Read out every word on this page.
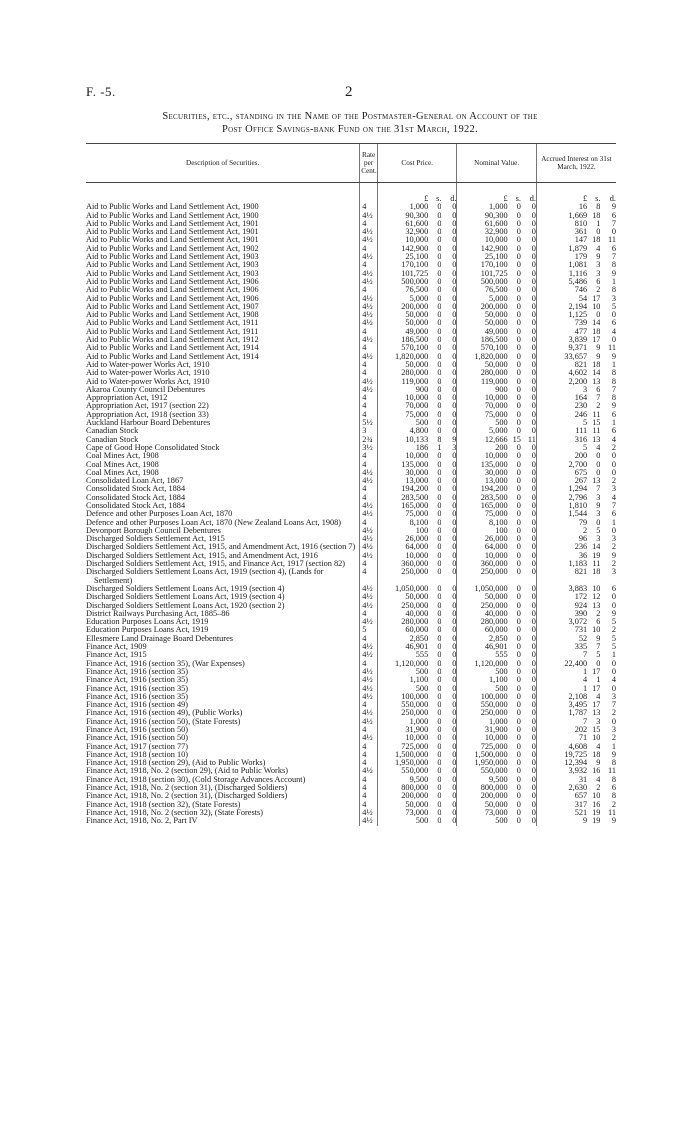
F. -5.	2
Securities, etc., standing in the Name of the Postmaster-General on Account of the
Post Office Savings-bank Fund on the 31st March, 1922.
Description of Securities.	Rate per Cent.	Cost Price.			Nominal Value.			Accrued Interest on 31st March, 1922.		
		£	s.	d.	£	s.	d.	£	s.	d.
Aid to Public Works and Land Settlement Act, 1900	4	1,000	0	0	1,000	0	0	16	8	9
Aid to Public Works and Land Settlement Act, 1900	4½	90,300	0	0	90,300	0	0	1,669	18	6
Aid to Public Works and Land Settlement Act, 1901	4	61,600	0	0	61,600	0	0	810	1	7
Aid to Public Works and Land Settlement Act, 1901	4½	32,900	0	0	32,900	0	0	361	0	0
Aid to Public Works and Land Settlement Act, 1901	4½	10,000	0	0	10,000	0	0	147	18	11
Aid to Public Works and Land Settlement Act, 1902	4	142,900	0	0	142,900	0	0	1,879	4	6
Aid to Public Works and Land Settlement Act, 1903	4½	25,100	0	0	25,100	0	0	179	9	7
Aid to Public Works and Land Settlement Act, 1903	4	170,100	0	0	170,100	0	0	1,081	3	8
Aid to Public Works and Land Settlement Act, 1903	4½	101,725	0	0	101,725	0	0	1,116	3	9
Aid to Public Works and Land Settlement Act, 1906	4½	500,000	0	0	500,000	0	0	5,486	6	1
Aid to Public Works and Land Settlement Act, 1906	4	76,500	0	0	76,500	0	0	746	2	8
Aid to Public Works and Land Settlement Act, 1906	4½	5,000	0	0	5,000	0	0	54	17	3
Aid to Public Works and Land Settlement Act, 1907	4½	200,000	0	0	200,000	0	0	2,194	10	5
Aid to Public Works and Land Settlement Act, 1908	4½	50,000	0	0	50,000	0	0	1,125	0	0
Aid to Public Works and Land Settlement Act, 1911	4½	50,000	0	0	50,000	0	0	739	14	6
Aid to Public Works and Land Settlement Act, 1911	4	49,000	0	0	49,000	0	0	477	18	4
Aid to Public Works and Land Settlement Act, 1912	4½	186,500	0	0	186,500	0	0	3,839	17	0
Aid to Public Works and Land Settlement Act, 1914	4	570,100	0	0	570,100	0	0	9,371	9	11
Aid to Public Works and Land Settlement Act, 1914	4½	1,820,000	0	0	1,820,000	0	0	33,657	9	9
Aid to Water-power Works Act, 1910	4	50,000	0	0	50,000	0	0	821	18	1
Aid to Water-power Works Act, 1910	4	280,000	0	0	280,000	0	0	4,602	14	8
Aid to Water-power Works Act, 1910	4½	119,000	0	0	119,000	0	0	2,200	13	8
Akaroa County Council Debentures	4½	900	0	0	900	0	0	3	6	7
Appropriation Act, 1912	4	10,000	0	0	10,000	0	0	164	7	8
Appropriation Act, 1917 (section 22)	4	70,000	0	0	70,000	0	0	230	2	9
Appropriation Act, 1918 (section 33)	4	75,000	0	0	75,000	0	0	246	11	6
Auckland Harbour Board Debentures	5½	500	0	0	500	0	0	5	15	1
Canadian Stock	3	4,800	0	0	5,000	0	0	111	11	6
Canadian Stock	2¾	10,133	8	9	12,666	15	11	316	13	4
Cape of Good Hope Consolidated Stock	3½	186	1	3	200	0	0	5	4	2
Coal Mines Act, 1908	4	10,000	0	0	10,000	0	0	200	0	0
Coal Mines Act, 1908	4	135,000	0	0	135,000	0	0	2,700	0	0
Coal Mines Act, 1908	4½	30,000	0	0	30,000	0	0	675	0	0
Consolidated Loan Act, 1867	4½	13,000	0	0	13,000	0	0	267	13	2
Consolidated Stock Act, 1884	4	194,200	0	0	194,200	0	0	1,294	7	3
Consolidated Stock Act, 1884	4	283,500	0	0	283,500	0	0	2,796	3	4
Consolidated Stock Act, 1884	4½	165,000	0	0	165,000	0	0	1,810	9	7
Defence and other Purposes Loan Act, 1870	4½	75,000	0	0	75,000	0	0	1,544	3	6
Defence and other Purposes Loan Act, 1870 (New Zealand Loans Act, 1908)	4	8,100	0	0	8,100	0	0	79	0	1
Devonport Borough Council Debentures	4½	100	0	0	100	0	0	2	5	0
Discharged Soldiers Settlement Act, 1915	4½	26,000	0	0	26,000	0	0	96	3	3
Discharged Soldiers Settlement Act, 1915, and Amendment Act, 1916 (section 7)	4½	64,000	0	0	64,000	0	0	236	14	2
Discharged Soldiers Settlement Act, 1915, and Amendment Act, 1916	4½	10,000	0	0	10,000	0	0	36	19	9
Discharged Soldiers Settlement Act, 1915, and Finance Act, 1917 (section 82)	4	360,000	0	0	360,000	0	0	1,183	11	2
Discharged Soldiers Settlement Loans Act, 1919 (section 4), (Lands for Settlement)	4	250,000	0	0	250,000	0	0	821	18	3
Discharged Soldiers Settlement Loans Act, 1919 (section 4)	4½	1,050,000	0	0	1,050,000	0	0	3,883	10	6
Discharged Soldiers Settlement Loans Act, 1919 (section 4)	4½	50,000	0	0	50,000	0	0	172	12	0
Discharged Soldiers Settlement Loans Act, 1920 (section 2)	4½	250,000	0	0	250,000	0	0	924	13	0
District Railways Purchasing Act, 1885–86	4	40,000	0	0	40,000	0	0	390	2	9
Education Purposes Loans Act, 1919	4½	280,000	0	0	280,000	0	0	3,072	6	5
Education Purposes Loans Act, 1919	5	60,000	0	0	60,000	0	0	731	10	2
Ellesmere Land Drainage Board Debentures	4	2,850	0	0	2,850	0	0	52	9	5
Finance Act, 1909	4½	46,901	0	0	46,901	0	0	335	7	5
Finance Act, 1915	4½	555	0	0	555	0	0	7	5	1
Finance Act, 1916 (section 35), (War Expenses)	4	1,120,000	0	0	1,120,000	0	0	22,400	0	0
Finance Act, 1916 (section 35)	4½	500	0	0	500	0	0	1	17	0
Finance Act, 1916 (section 35)	4½	1,100	0	0	1,100	0	0	4	1	4
Finance Act, 1916 (section 35)	4½	500	0	0	500	0	0	1	17	0
Finance Act, 1916 (section 35)	4½	100,000	0	0	100,000	0	0	2,108	4	3
Finance Act, 1916 (section 49)	4	550,000	0	0	550,000	0	0	3,495	17	7
Finance Act, 1916 (section 49), (Public Works)	4½	250,000	0	0	250,000	0	0	1,787	13	2
Finance Act, 1916 (section 50), (State Forests)	4½	1,000	0	0	1,000	0	0	7	3	0
Finance Act, 1916 (section 50)	4	31,900	0	0	31,900	0	0	202	15	3
Finance Act, 1916 (section 50)	4½	10,000	0	0	10,000	0	0	71	10	2
Finance Act, 1917 (section 77)	4	725,000	0	0	725,000	0	0	4,608	4	1
Finance Act, 1918 (section 10)	4	1,500,000	0	0	1,500,000	0	0	19,725	18	9
Finance Act, 1918 (section 29), (Aid to Public Works)	4	1,950,000	0	0	1,950,000	0	0	12,394	9	8
Finance Act, 1918, No. 2 (section 29), (Aid to Public Works)	4½	550,000	0	0	550,000	0	0	3,932	16	11
Finance Act, 1918 (section 30), (Cold Storage Advances Account)	4	9,500	0	0	9,500	0	0	31	4	8
Finance Act, 1918, No. 2 (section 31), (Discharged Soldiers)	4	800,000	0	0	800,000	0	0	2,630	2	6
Finance Act, 1918, No. 2 (section 31), (Discharged Soldiers)	4	200,000	0	0	200,000	0	0	657	10	8
Finance Act, 1918 (section 32), (State Forests)	4	50,000	0	0	50,000	0	0	317	16	2
Finance Act, 1918, No. 2 (section 32), (State Forests)	4½	73,000	0	0	73,000	0	0	521	19	11
Finance Act, 1918, No. 2, Part IV	4½	500	0	0	500	0	0	9	19	9
